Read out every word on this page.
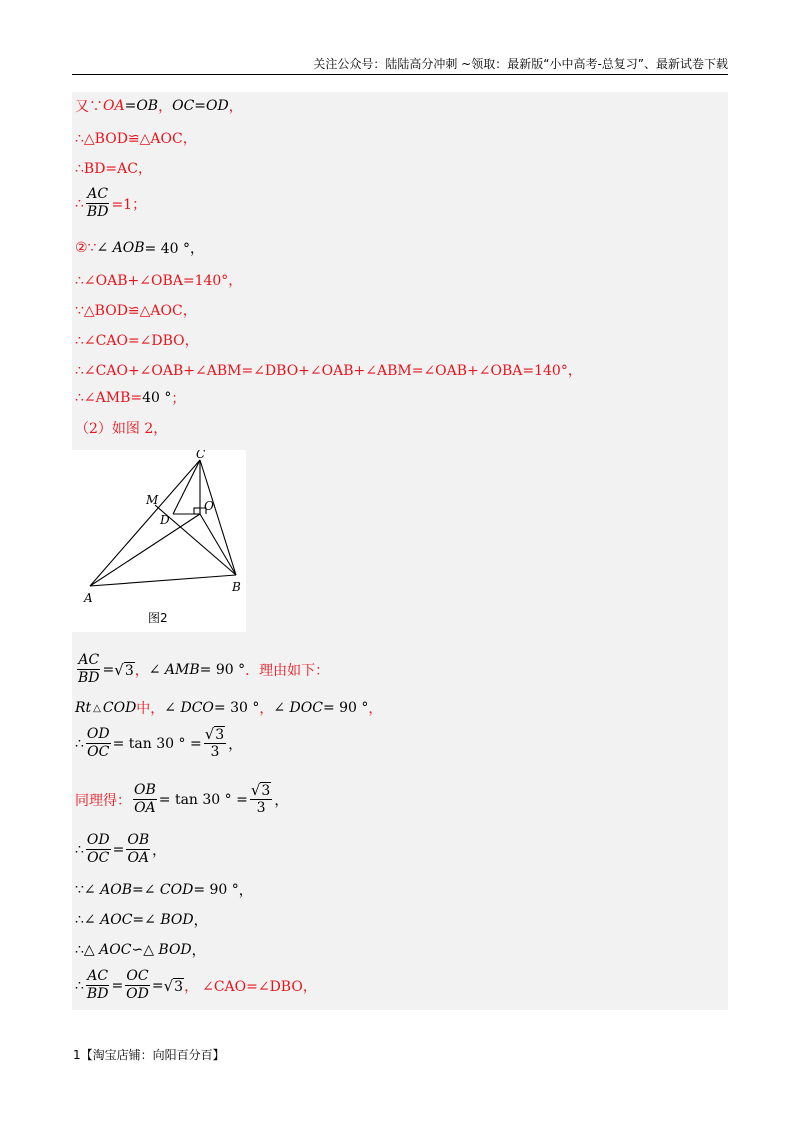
关注公众号：陆陆高分冲刺 ~领取：最新版“小中高考-总复习”、最新试卷下载
又∵ OA = OB ， OC = OD ，
∴△BOD≌△AOC，
∴BD=AC，
∴ $\frac{AC}{BD} =1$；
②∵ ∠ AOB = 40 °，
∴∠OAB+∠OBA=140°，
∵△BOD≌△AOC，
∴∠CAO=∠DBO，
∴∠CAO+∠OAB+∠ABM=∠DBO+∠OAB+∠ABM=∠OAB+∠OBA=140°，
∴∠AMB= 40 ° ；
（2）如图 2，
$\frac{AC}{BD}$ = √ 3 ， ∠ AMB = 90 ° ．理由如下：
Rt △ COD 中 ， ∠ DCO = 30 ° ， ∠ DOC = 90 ° ，
∴ $\frac{OD}{OC} = \tan 30$ ° = $\frac{√ 3}{3}$ ，
同理得： $\frac{OB}{OA} = \tan 30$ ° = $\frac{√ 3}{3}$ ，
∴ $\frac{OD}{OC} = \frac{OB}{OA}$ ，
∵ ∠ AOB = ∠ COD = 90 ° ，
∴ ∠ AOC = ∠ BOD ，
∴ △ AOC ∽ △ BOD ，
∴ $\frac{AC}{BD} = \frac{OC}{OD}$ = √ 3 ， ∠CAO=∠DBO，
C
M	O
D
A
B
图2
1【淘宝店铺：向阳百分百】
